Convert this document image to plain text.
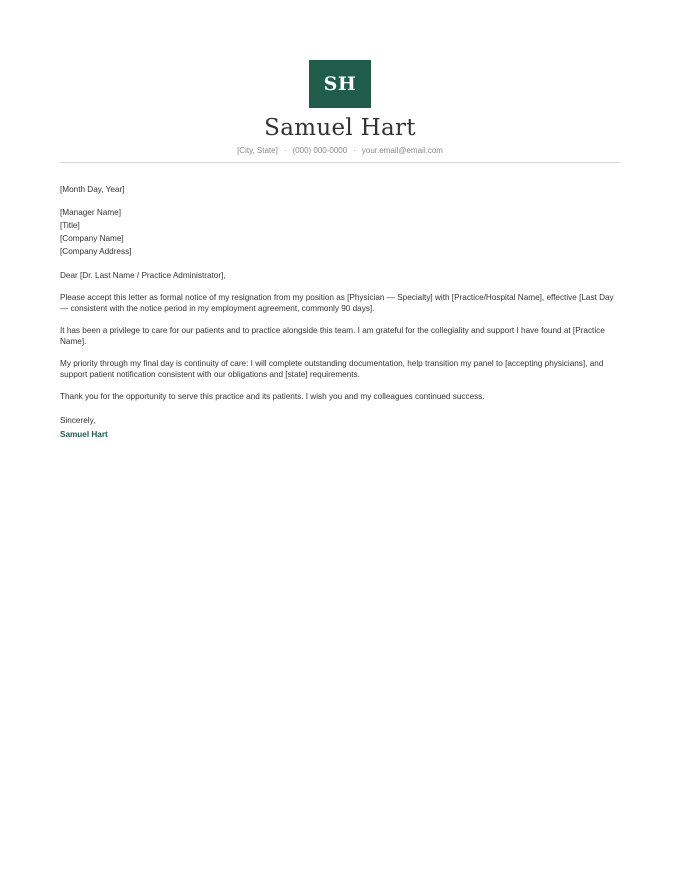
SH
Samuel Hart
[City, State] · (000) 000-0000 · your.email@email.com
[Month Day, Year]
[Manager Name]
[Title]
[Company Name]
[Company Address]
Dear [Dr. Last Name / Practice Administrator],
Please accept this letter as formal notice of my resignation from my position as [Physician — Specialty] with [Practice/Hospital Name], effective [Last Day — consistent with the notice period in my employment agreement, commonly 90 days].
It has been a privilege to care for our patients and to practice alongside this team. I am grateful for the collegiality and support I have found at [Practice Name].
My priority through my final day is continuity of care: I will complete outstanding documentation, help transition my panel to [accepting physicians], and support patient notification consistent with our obligations and [state] requirements.
Thank you for the opportunity to serve this practice and its patients. I wish you and my colleagues continued success.
Sincerely,
Samuel Hart
